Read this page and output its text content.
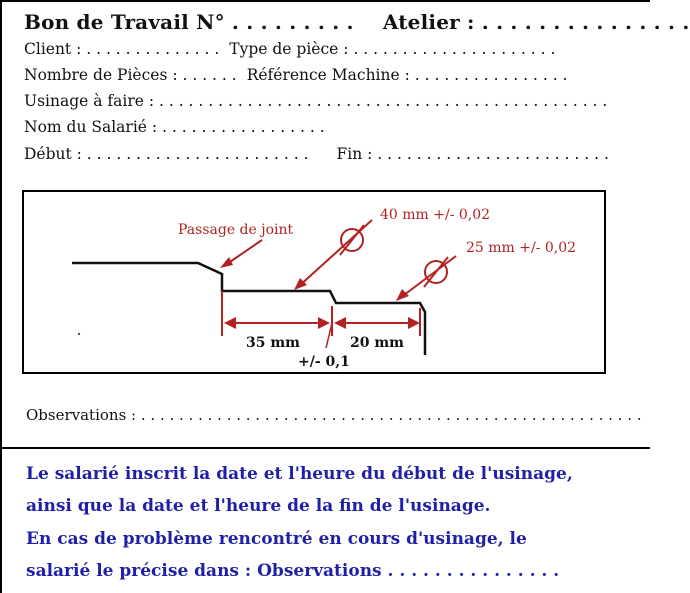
Bon de Travail N° . . . . . . . . . Atelier : . . . . . . . . . . . . . . .
Client : . . . . . . . . . . . . . . Type de pièce : . . . . . . . . . . . . . . . . . . . . .
Nombre de Pièces : . . . . . . Référence Machine : . . . . . . . . . . . . . . . .
Usinage à faire : . . . . . . . . . . . . . . . . . . . . . . . . . . . . . . . . . . . . . . . . . . . . . .
Nom du Salarié : . . . . . . . . . . . . . . . . .
Début : . . . . . . . . . . . . . . . . . . . . . . . Fin : . . . . . . . . . . . . . . . . . . . . . . . .
Passage de joint
40 mm +/- 0,02
25 mm +/- 0,02
35 mm	20 mm
+/- 0,1
Observations : . . . . . . . . . . . . . . . . . . . . . . . . . . . . . . . . . . . . . . . . . . . . . . . . . . . . .
Le salarié inscrit la date et l'heure du début de l'usinage,
ainsi que la date et l'heure de la fin de l'usinage.
En cas de problème rencontré en cours d'usinage, le
salarié le précise dans : Observations . . . . . . . . . . . . . . .
